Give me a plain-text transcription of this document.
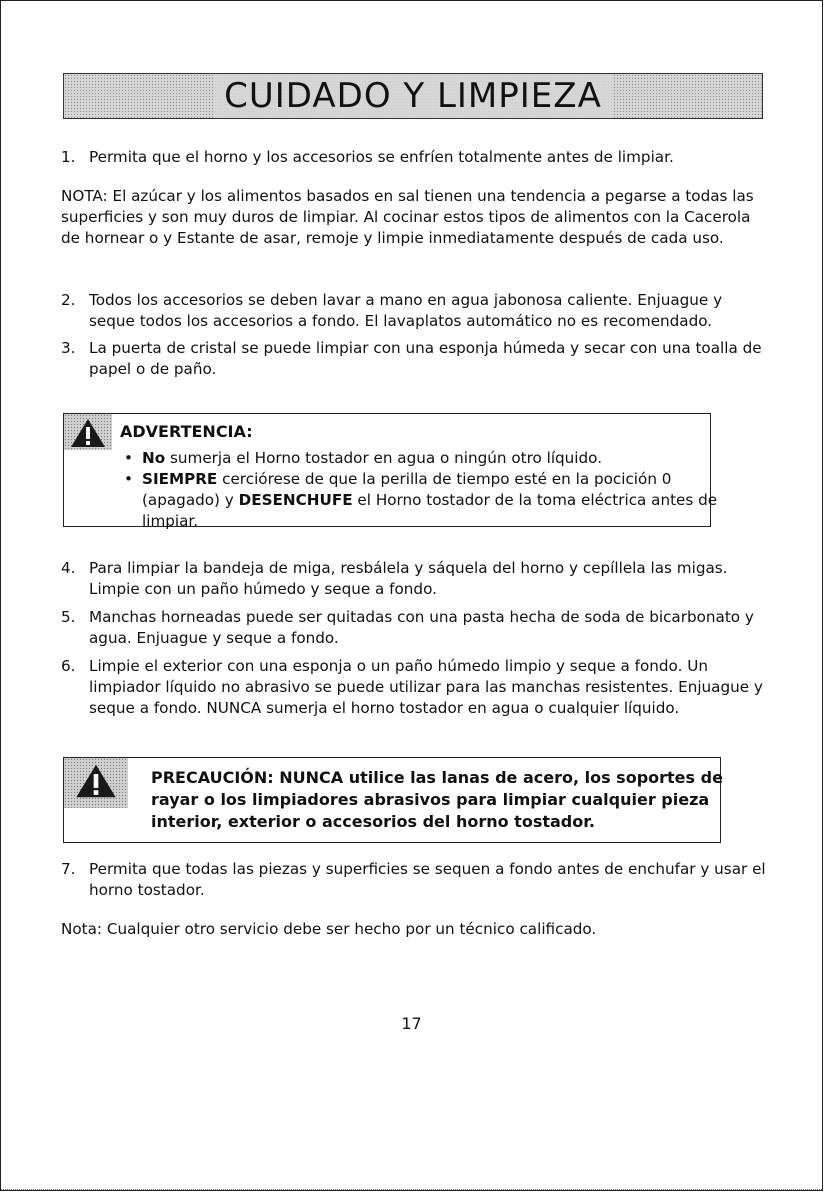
CUIDADO Y LIMPIEZA
1. Permita que el horno y los accesorios se enfríen totalmente antes de limpiar.
NOTA: El azúcar y los alimentos basados en sal tienen una tendencia a pegarse a todas las superficies y son muy duros de limpiar. Al cocinar estos tipos de alimentos con la Cacerola de hornear o y Estante de asar, remoje y limpie inmediatamente después de cada uso.
2. Todos los accesorios se deben lavar a mano en agua jabonosa caliente. Enjuague y seque todos los accesorios a fondo. El lavaplatos automático no es recomendado.
3. La puerta de cristal se puede limpiar con una esponja húmeda y secar con una toalla de papel o de paño.
ADVERTENCIA:
• No sumerja el Horno tostador en agua o ningún otro líquido.
• SIEMPRE cerciórese de que la perilla de tiempo esté en la pocición 0 (apagado) y DESENCHUFE el Horno tostador de la toma eléctrica antes de limpiar.
4. Para limpiar la bandeja de miga, resbálela y sáquela del horno y cepíllela las migas. Limpie con un paño húmedo y seque a fondo.
5. Manchas horneadas puede ser quitadas con una pasta hecha de soda de bicarbonato y agua. Enjuague y seque a fondo.
6. Limpie el exterior con una esponja o un paño húmedo limpio y seque a fondo. Un limpiador líquido no abrasivo se puede utilizar para las manchas resistentes. Enjuague y seque a fondo. NUNCA sumerja el horno tostador en agua o cualquier líquido.
PRECAUCIÓN: NUNCA utilice las lanas de acero, los soportes de rayar o los limpiadores abrasivos para limpiar cualquier pieza interior, exterior o accesorios del horno tostador.
7. Permita que todas las piezas y superficies se sequen a fondo antes de enchufar y usar el horno tostador.
Nota: Cualquier otro servicio debe ser hecho por un técnico calificado.
17
